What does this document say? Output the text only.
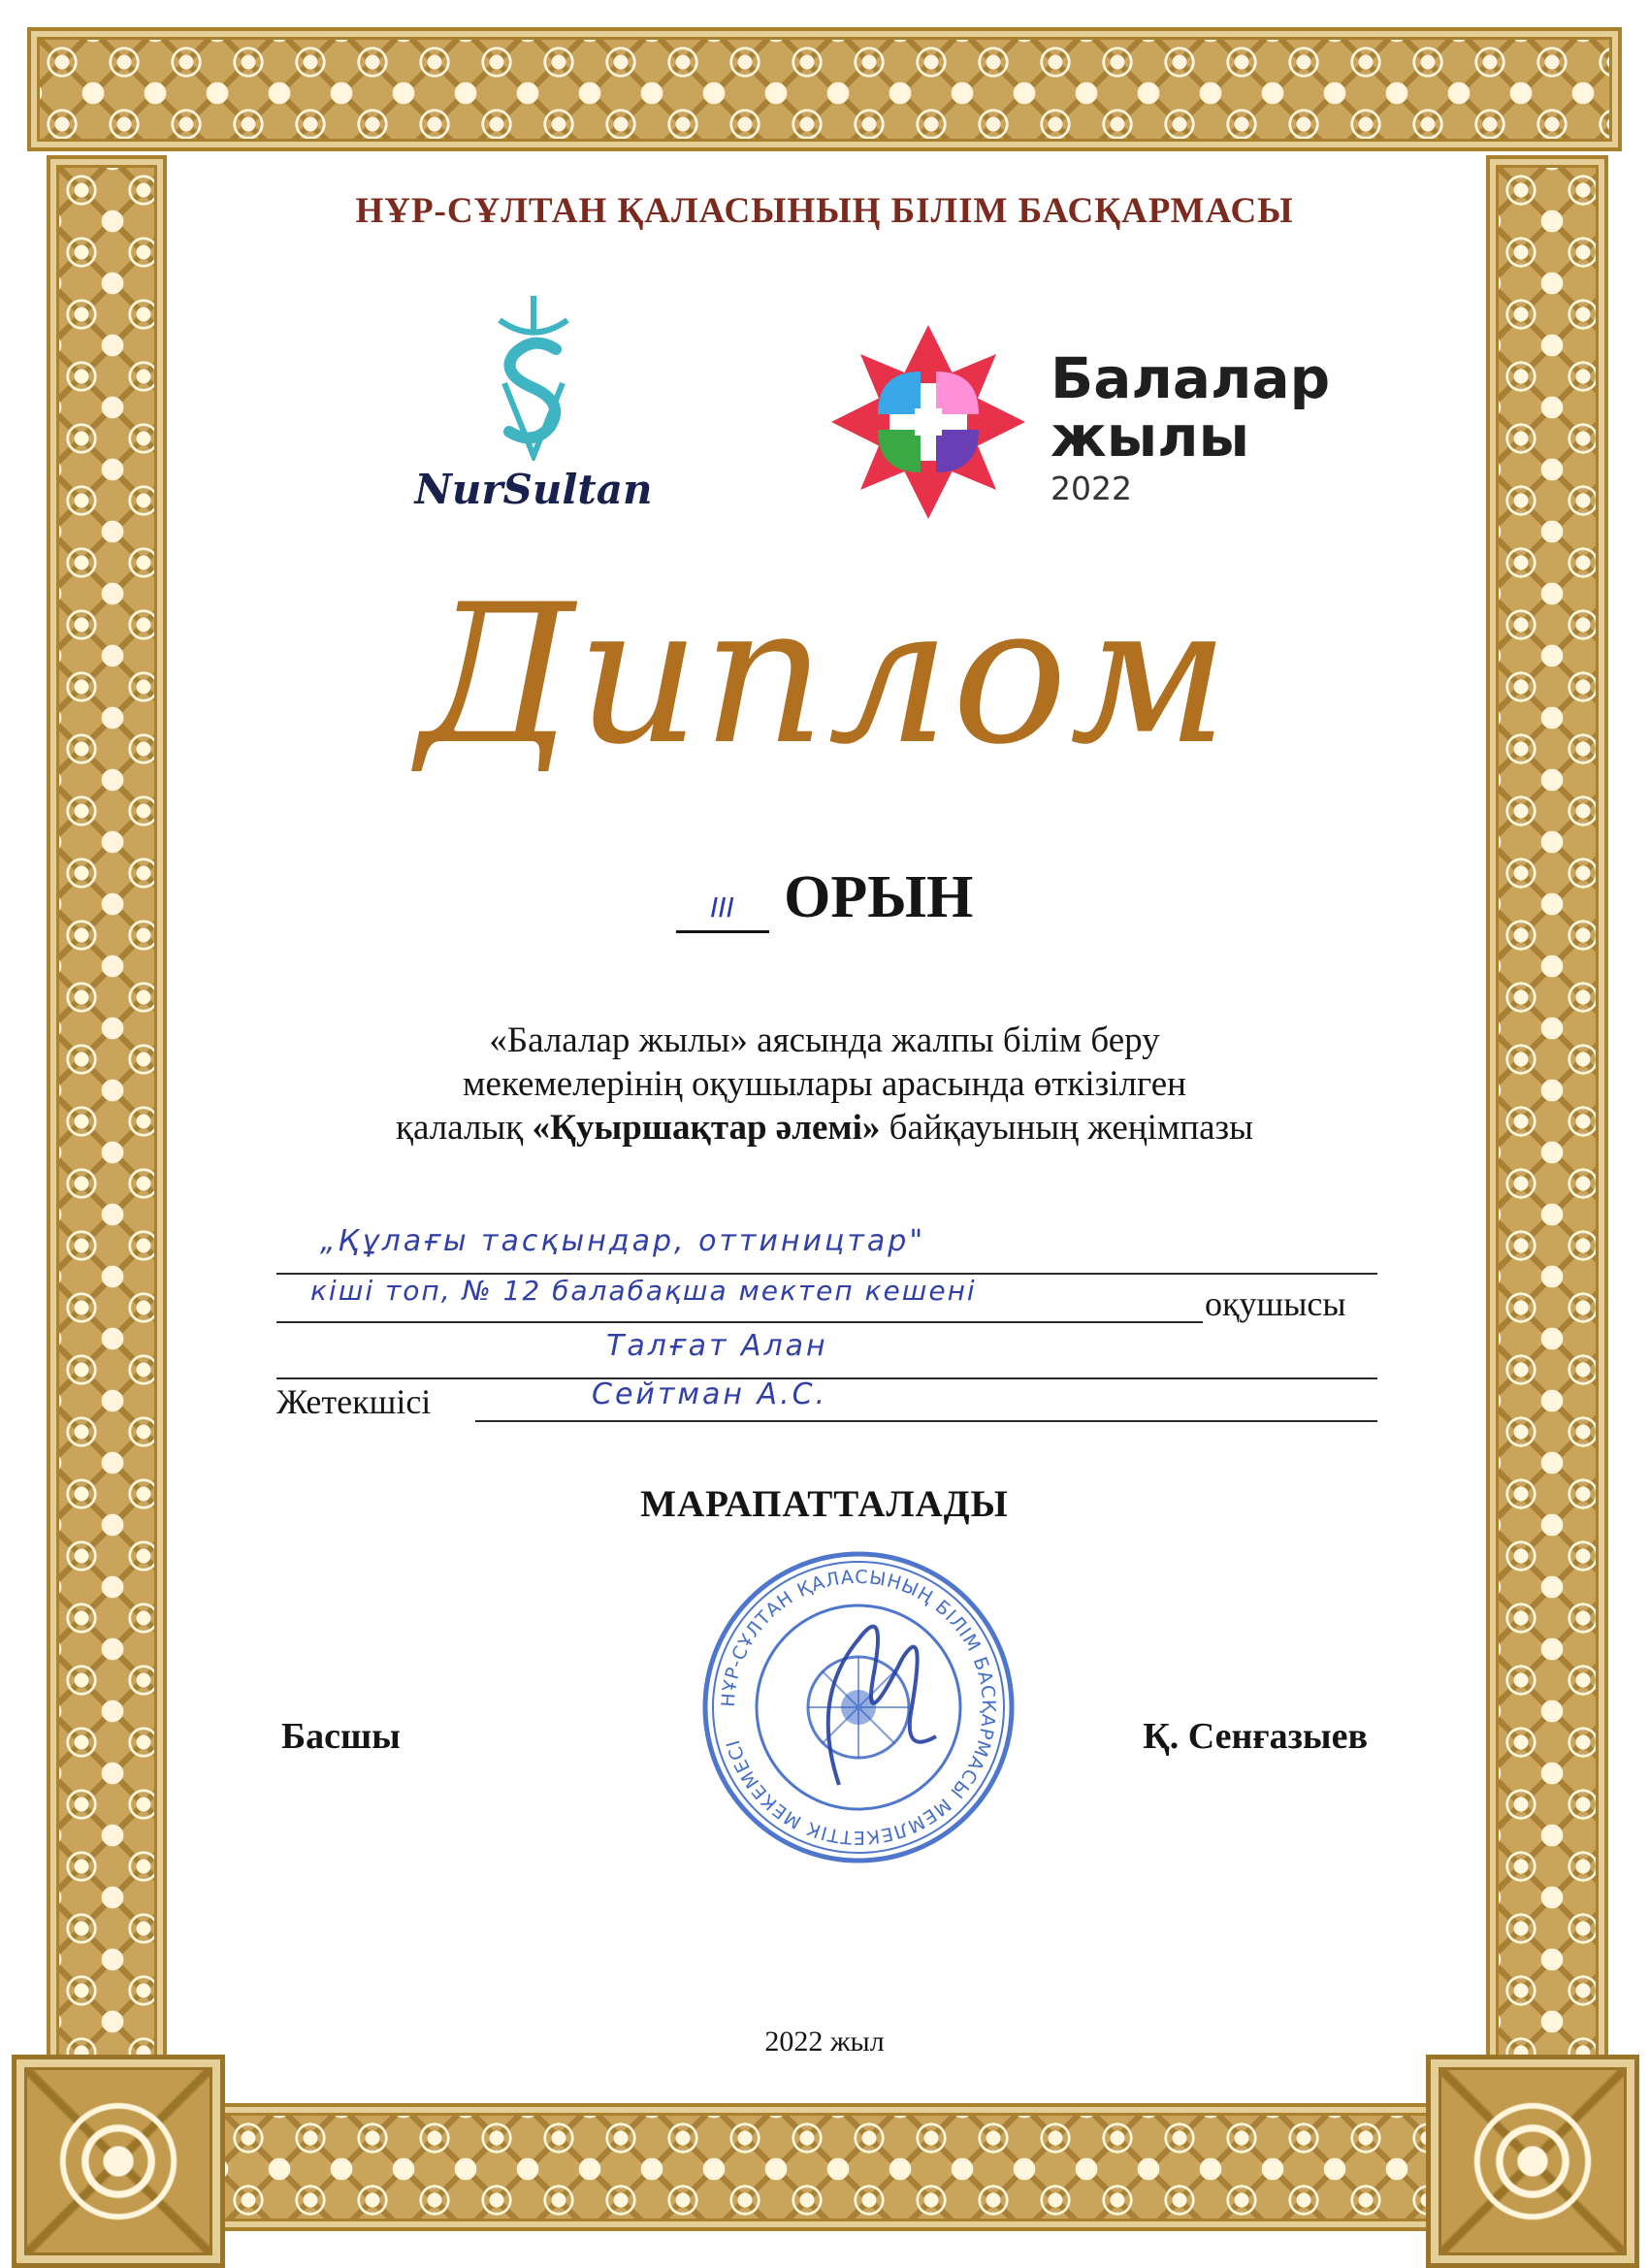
НҰР-СҰЛТАН ҚАЛАСЫНЫҢ БІЛІМ БАСҚАРМАСЫ
NurSultan
Балалар
жылы
2022
Диплом
III ОРЫН
«Балалар жылы» аясында жалпы білім беру
мекемелерінің оқушылары арасында өткізілген
қалалық «Қуыршақтар әлемі» байқауының жеңімпазы
„Құлағы тасқындар, оттиництар"
кіші топ, № 12 балабақша мектеп кешені	оқушысы
Талғат Алан
Жетекшісі	Сейтман А.С.
МАРАПАТТАЛАДЫ
НҰР-СҰЛТАН ҚАЛАСЫНЫҢ БІЛІМ БАСҚАРМАСЫ МЕМЛЕКЕТТІК МЕКЕМЕСІ
Басшы	Қ. Сенғазыев
2022 жыл
